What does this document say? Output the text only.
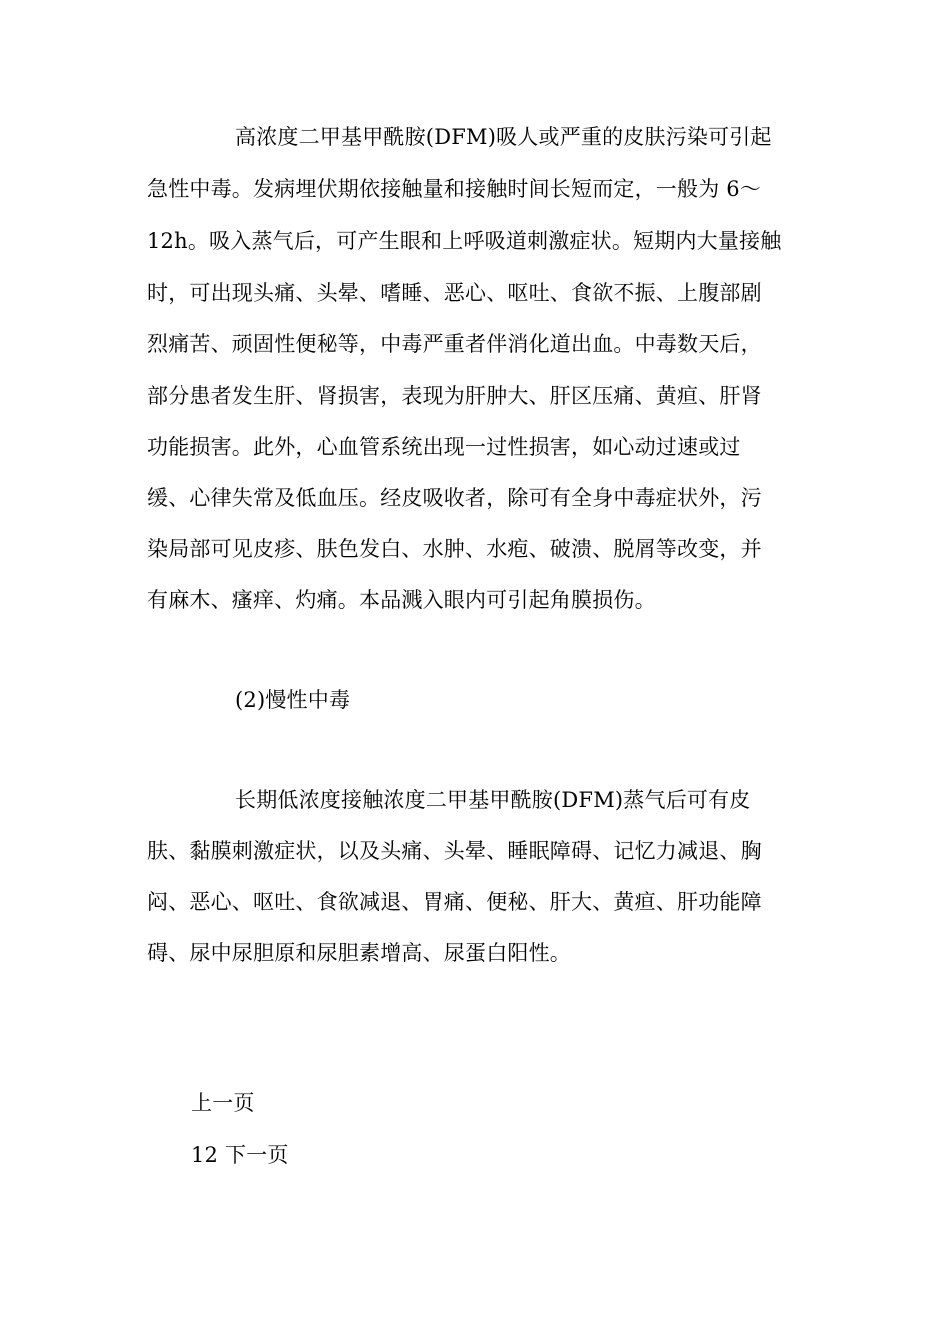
高浓度二甲基甲酰胺(DFM)吸人或严重的皮肤污染可引起
急性中毒。发病埋伏期依接触量和接触时间长短而定，一般为 6～
12h。吸入蒸气后，可产生眼和上呼吸道刺激症状。短期内大量接触
时，可出现头痛、头晕、嗜睡、恶心、呕吐、食欲不振、上腹部剧
烈痛苦、顽固性便秘等，中毒严重者伴消化道出血。中毒数天后，
部分患者发生肝、肾损害，表现为肝肿大、肝区压痛、黄疸、肝肾
功能损害。此外，心血管系统出现一过性损害，如心动过速或过
缓、心律失常及低血压。经皮吸收者，除可有全身中毒症状外，污
染局部可见皮疹、肤色发白、水肿、水疱、破溃、脱屑等改变，并
有麻木、瘙痒、灼痛。本品溅入眼内可引起角膜损伤。
(2)慢性中毒
长期低浓度接触浓度二甲基甲酰胺(DFM)蒸气后可有皮
肤、黏膜刺激症状，以及头痛、头晕、睡眠障碍、记忆力减退、胸
闷、恶心、呕吐、食欲减退、胃痛、便秘、肝大、黄疸、肝功能障
碍、尿中尿胆原和尿胆素增高、尿蛋白阳性。
上一页
12 下一页
